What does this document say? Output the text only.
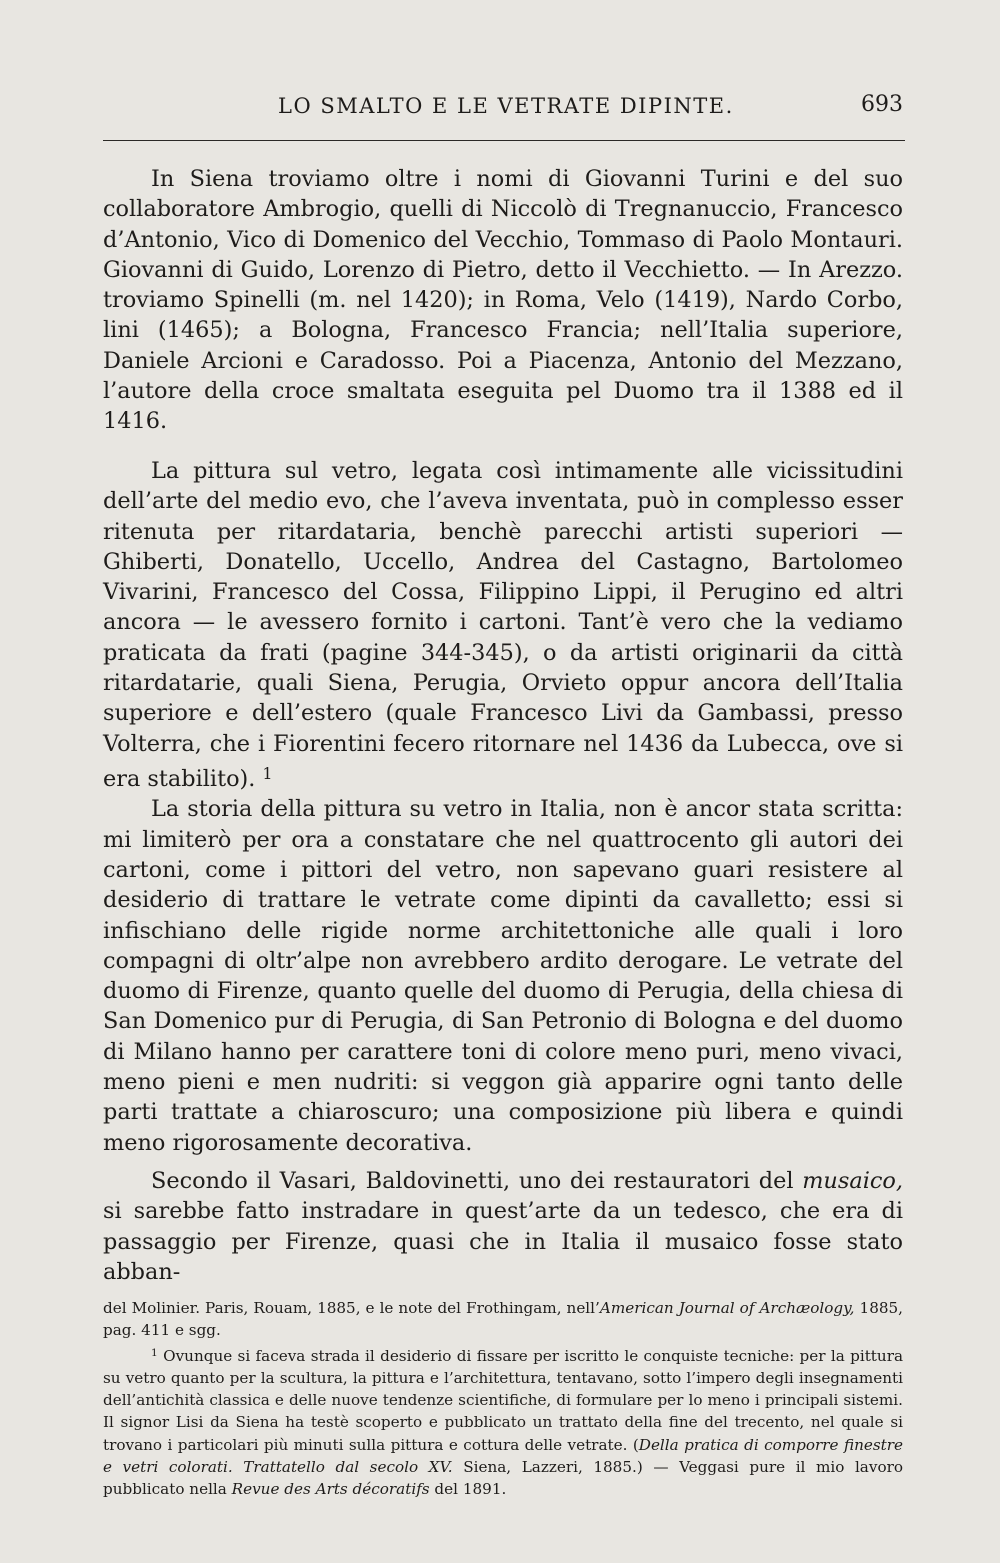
LO SMALTO E LE VETRATE DIPINTE.	693

In Siena troviamo oltre i nomi di Giovanni Turini e del suo collaboratore Ambrogio, quelli di Niccolò di Tregnanuccio, Francesco d’Antonio, Vico di Domenico del Vecchio, Tommaso di Paolo Montauri. Giovanni di Guido, Lorenzo di Pietro, detto il Vecchietto. — In Arezzo. troviamo Spinelli (m. nel 1420); in Roma, Velo (1419), Nardo Corbo, lini (1465); a Bologna, Francesco Francia; nell’Italia superiore, Daniele Arcioni e Caradosso. Poi a Piacenza, Antonio del Mezzano, l’autore della croce smaltata eseguita pel Duomo tra il 1388 ed il 1416.

La pittura sul vetro, legata così intimamente alle vicissitudini dell’arte del medio evo, che l’aveva inventata, può in complesso esser ritenuta per ritardataria, benchè parecchi artisti superiori — Ghiberti, Donatello, Uccello, Andrea del Castagno, Bartolomeo Vivarini, Francesco del Cossa, Filippino Lippi, il Perugino ed altri ancora — le avessero fornito i cartoni. Tant’è vero che la vediamo praticata da frati (pagine 344-345), o da artisti originarii da città ritardatarie, quali Siena, Perugia, Orvieto oppur ancora dell’Italia superiore e dell’estero (quale Francesco Livi da Gambassi, presso Volterra, che i Fiorentini fecero ritornare nel 1436 da Lubecca, ove si era stabilito). $^1$

La storia della pittura su vetro in Italia, non è ancor stata scritta: mi limiterò per ora a constatare che nel quattrocento gli autori dei cartoni, come i pittori del vetro, non sapevano guari resistere al desiderio di trattare le vetrate come dipinti da cavalletto; essi si infischiano delle rigide norme architettoniche alle quali i loro compagni di oltr’alpe non avrebbero ardito derogare. Le vetrate del duomo di Firenze, quanto quelle del duomo di Perugia, della chiesa di San Domenico pur di Perugia, di San Petronio di Bologna e del duomo di Milano hanno per carattere toni di colore meno puri, meno vivaci, meno pieni e men nudriti: si veggon già apparire ogni tanto delle parti trattate a chiaroscuro; una composizione più libera e quindi meno rigorosamente decorativa.

Secondo il Vasari, Baldovinetti, uno dei restauratori del musaico, si sarebbe fatto instradare in quest’arte da un tedesco, che era di passaggio per Firenze, quasi che in Italia il musaico fosse stato abban-

del Molinier. Paris, Rouam, 1885, e le note del Frothingam, nell’American Journal of Archæology, 1885, pag. 411 e sgg.

$^1$ Ovunque si faceva strada il desiderio di fissare per iscritto le conquiste tecniche: per la pittura su vetro quanto per la scultura, la pittura e l’architettura, tentavano, sotto l’impero degli insegnamenti dell’antichità classica e delle nuove tendenze scientifiche, di formulare per lo meno i principali sistemi. Il signor Lisi da Siena ha testè scoperto e pubblicato un trattato della fine del trecento, nel quale si trovano i particolari più minuti sulla pittura e cottura delle vetrate. (Della pratica di comporre finestre e vetri colorati. Trattatello dal secolo XV. Siena, Lazzeri, 1885.) — Veggasi pure il mio lavoro pubblicato nella Revue des Arts décoratifs del 1891.
